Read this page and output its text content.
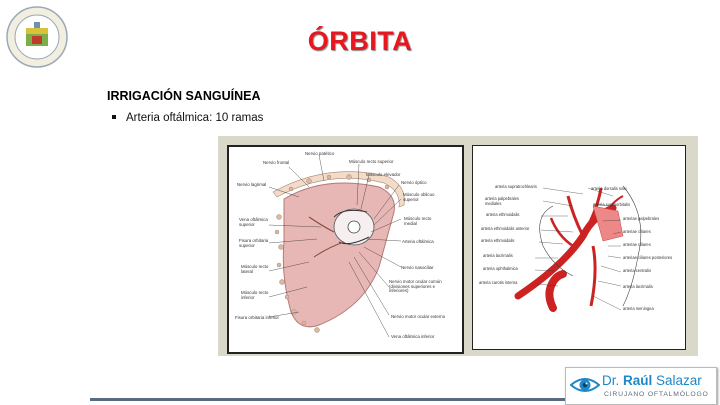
ÓRBITA
IRRIGACIÓN SANGUÍNEA
Arteria oftálmica: 10 ramas
Nervio patético
Nervio frontal	Músculo recto superior
Músculo elevador
Nervio lagrimal	Nervio óptico
Músculo oblicuo superior
Vena oftálmica superior
Músculo recto medial
Fisura orbitaria superior
Arteria oftálmica
Músculo recto lateral
Nervio nasociliar
Músculo recto inferior
Nervio motor ocular común (divisiones superiores e inferiores)
Fisura orbitaria inferior	Nervio motor ocular externo
Vena oftálmica inferior
arteria supratrochlearis
arteria palpebrales mediales
arteria ethmoidalis
arteria ethmoidalis anterior
arteria ethmoidalis
arteria lacrimalis
arteria ophthalmica
arteria carotis interna
arteria dorsalis nasi
arteria supraorbitalis
arteriae palpebrales
arteriae ciliares
arteriae ciliares
arteriae ciliares posteriores
arteria centralis
arteria lacrimalis
arteria meningea
Dr. Raúl Salazar
CIRUJANO OFTALMÓLOGO
